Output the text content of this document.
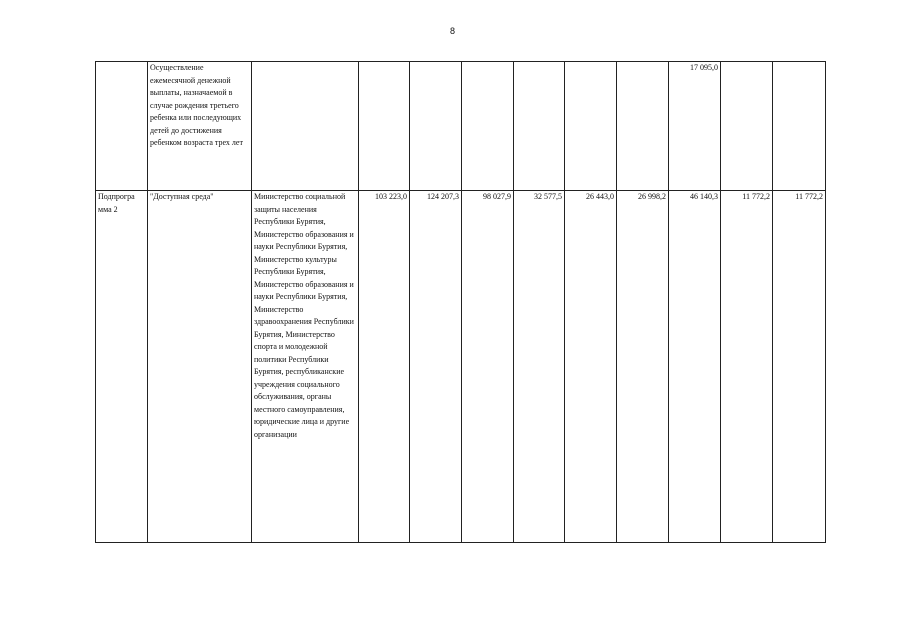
8
	Осуществление ежемесячной денежной выплаты, назначаемой в случае рождения третьего ребенка или последующих детей до достижения ребенком возраста трех лет								17 095,0		
Подпрогра мма 2	"Доступная среда"	Министерство социальной защиты населения Республики Бурятия, Министерство образования и науки Республики Бурятия, Министерство культуры Республики Бурятия, Министерство образования и науки Республики Бурятия, Министерство здравоохранения Республики Бурятия, Министерство спорта и молодежной политики Республики Бурятия, республиканские учреждения социального обслуживания, органы местного самоуправления, юридические лица и другие организации	103 223,0	124 207,3	98 027,9	32 577,5	26 443,0	26 998,2	46 140,3	11 772,2	11 772,2
